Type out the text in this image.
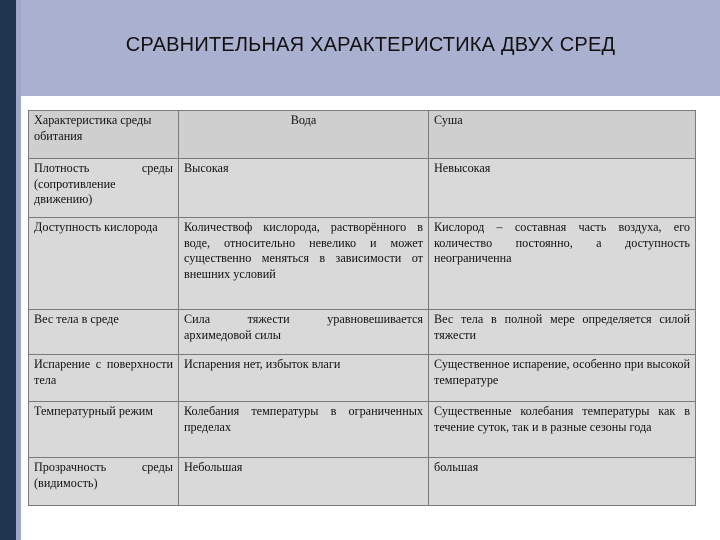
СРАВНИТЕЛЬНАЯ ХАРАКТЕРИСТИКА ДВУХ СРЕД
Характеристика среды обитания	Вода	Суша
Плотность среды (сопротивление движению)	Высокая	Невысокая
Доступность кислорода	Количествоф кислорода, растворённого в воде, относительно невелико и может существенно меняться в зависимости от внешних условий	Кислород – составная часть воздуха, его количество постоянно, а доступность неограниченна
Вес тела в среде	Сила тяжести уравновешивается архимедовой силы	Вес тела в полной мере определяется силой тяжести
Испарение с поверхности тела	Испарения нет, избыток влаги	Существенное испарение, особенно при высокой температуре
Температурный режим	Колебания температуры в ограниченных пределах	Существенные колебания температуры как в течение суток, так и в разные сезоны года
Прозрачность среды (видимость)	Небольшая	большая
